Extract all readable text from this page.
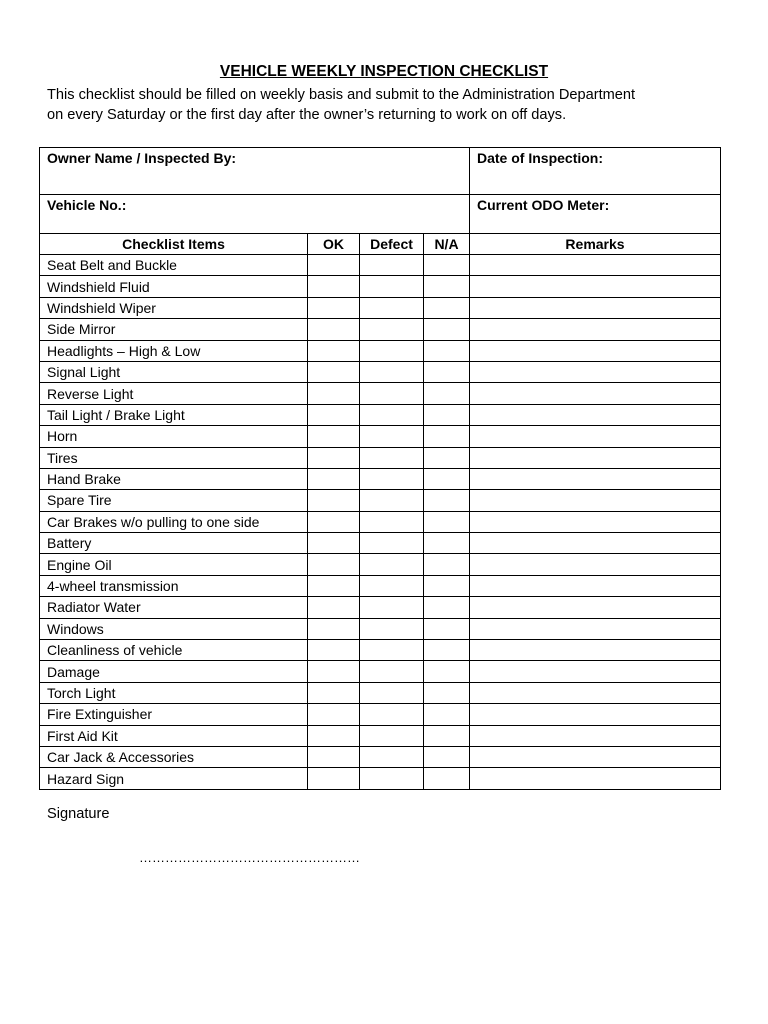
VEHICLE WEEKLY INSPECTION CHECKLIST
This checklist should be filled on weekly basis and submit to the Administration Department
on every Saturday or the first day after the owner’s returning to work on off days.
Owner Name / Inspected By:				Date of Inspection:
Vehicle No.:				Current ODO Meter:
Checklist Items	OK	Defect	N/A	Remarks
Seat Belt and Buckle				
Windshield Fluid				
Windshield Wiper				
Side Mirror				
Headlights – High & Low				
Signal Light				
Reverse Light				
Tail Light / Brake Light				
Horn				
Tires				
Hand Brake				
Spare Tire				
Car Brakes w/o pulling to one side				
Battery				
Engine Oil				
4-wheel transmission				
Radiator Water				
Windows				
Cleanliness of vehicle				
Damage				
Torch Light				
Fire Extinguisher				
First Aid Kit				
Car Jack & Accessories				
Hazard Sign				
Signature
……………………………………………
